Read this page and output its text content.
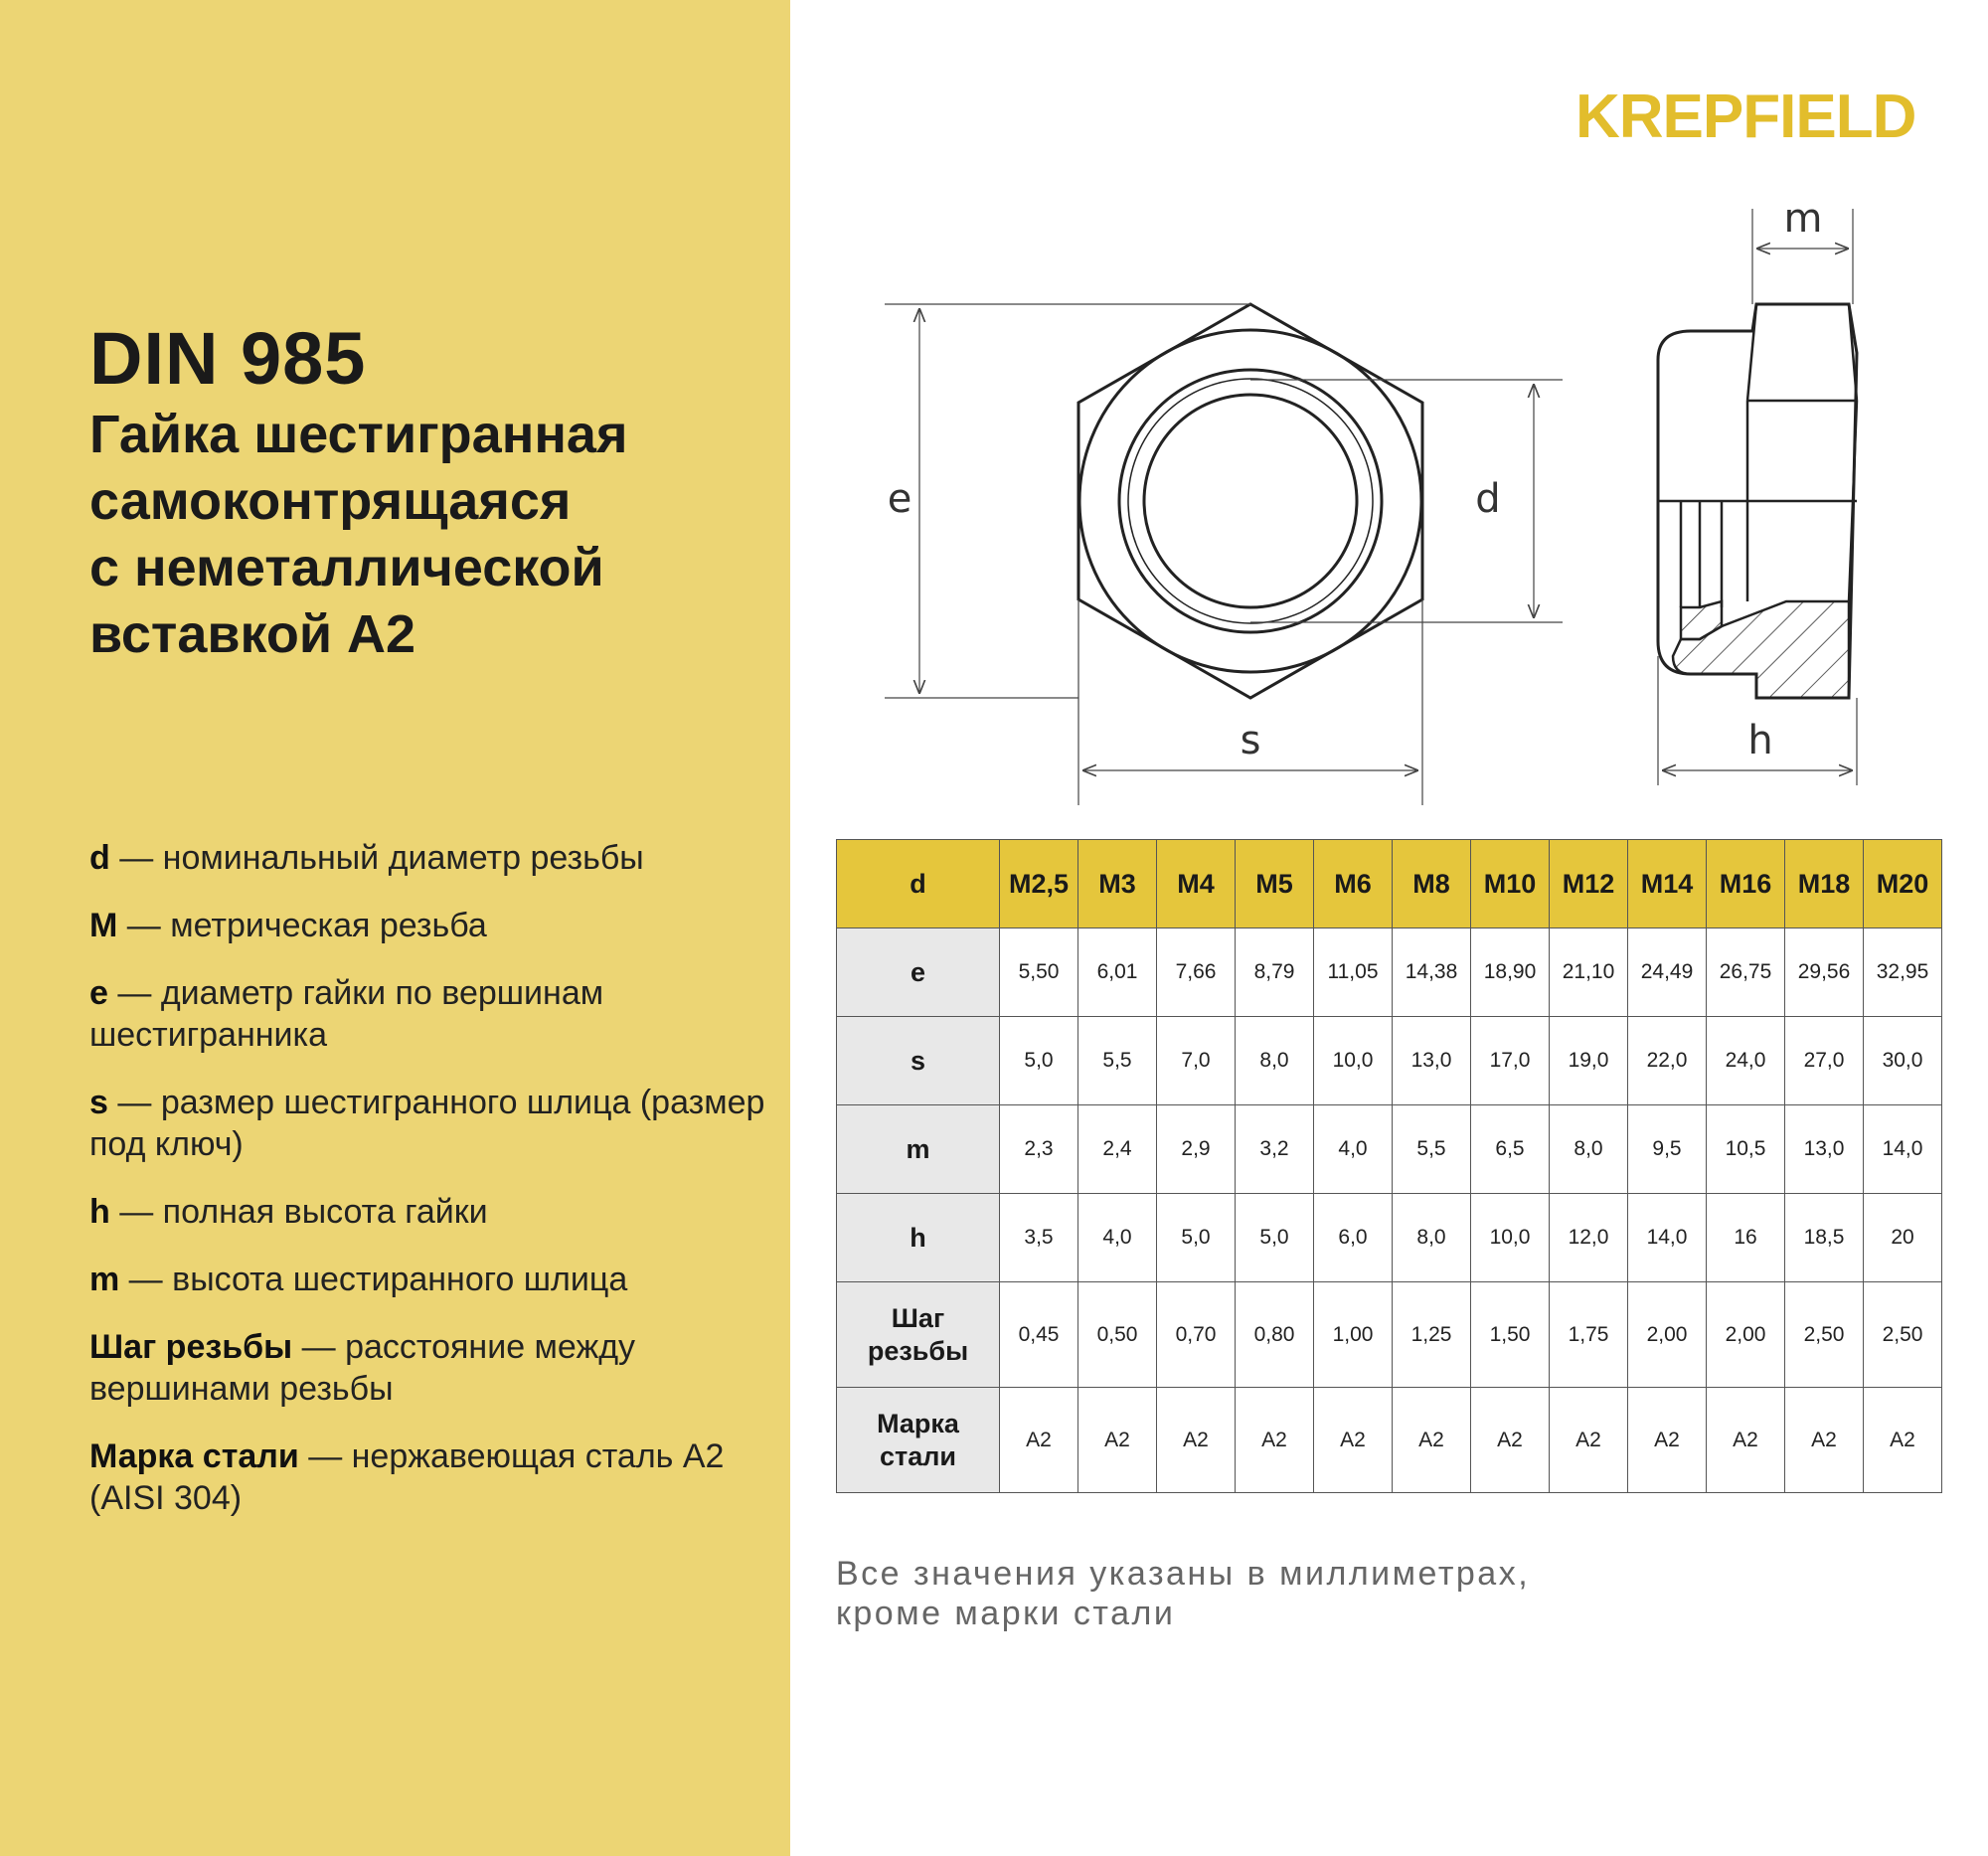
DIN 985
Гайка шестигранная
самоконтрящаяся
с неметаллической
вставкой А2
d — номинальный диаметр резьбы
M — метрическая резьба
e — диаметр гайки по вершинам шестигранника
s — размер шестигранного шлица (размер под ключ)
h — полная высота гайки
m — высота шестиранного шлица
Шаг резьбы — расстояние между вершинами резьбы
Марка стали — нержавеющая сталь А2 (AISI 304)
KREPFIELD
e	d
s
m
h
d	M2,5	M3	M4	M5	M6	M8	M10	M12	M14	M16	M18	M20
e	5,50	6,01	7,66	8,79	11,05	14,38	18,90	21,10	24,49	26,75	29,56	32,95
s	5,0	5,5	7,0	8,0	10,0	13,0	17,0	19,0	22,0	24,0	27,0	30,0
m	2,3	2,4	2,9	3,2	4,0	5,5	6,5	8,0	9,5	10,5	13,0	14,0
h	3,5	4,0	5,0	5,0	6,0	8,0	10,0	12,0	14,0	16	18,5	20
Шаг
резьбы	0,45	0,50	0,70	0,80	1,00	1,25	1,50	1,75	2,00	2,00	2,50	2,50
Марка
стали	A2	A2	A2	A2	A2	A2	A2	A2	A2	A2	A2	A2
Все значения указаны в миллиметрах,
кроме марки стали
